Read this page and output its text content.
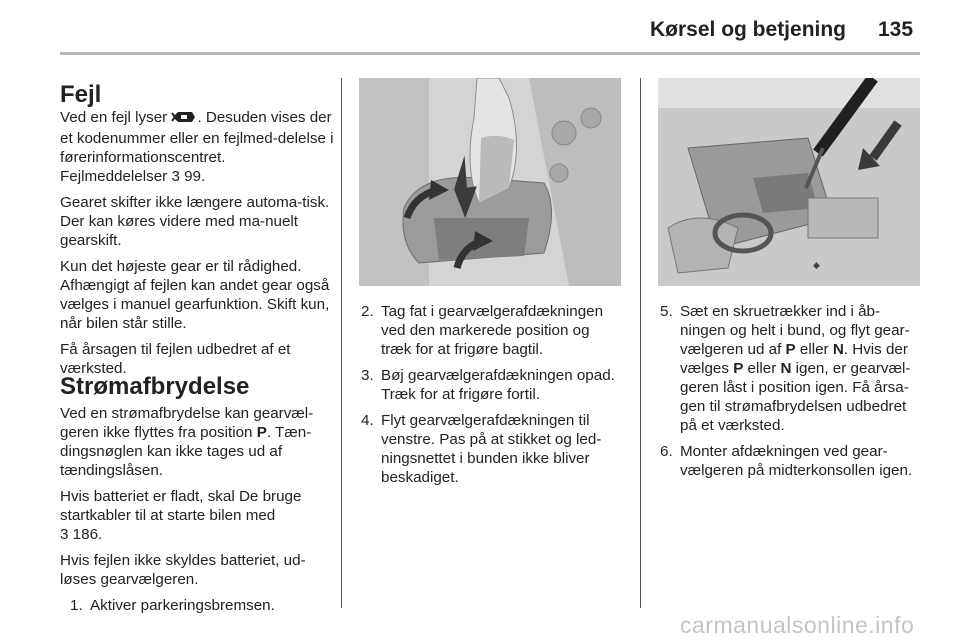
Kørsel og betjening 135
Fejl

Ved en fejl lyser . Desuden vises der et kodenummer eller en fejlmed-delelse i førerinformationscentret.
Fejlmeddelelser 3 99.

Gearet skifter ikke længere automa-tisk. Der kan køres videre med ma-nuelt gearskift.

Kun det højeste gear er til rådighed. Afhængigt af fejlen kan andet gear også vælges i manuel gearfunktion. Skift kun, når bilen står stille.

Få årsagen til fejlen udbedret af et værksted.

Strømafbrydelse

Ved en strømafbrydelse kan gearvæl-geren ikke flyttes fra position P. Tæn-dingsnøglen kan ikke tages ud af tændingslåsen.

Hvis batteriet er fladt, skal De bruge startkabler til at starte bilen med
3 186.

Hvis fejlen ikke skyldes batteriet, ud-løses gearvælgeren.

1. Aktiver parkeringsbremsen.
◆
2. Tag fat i gearvælgerafdækningen ved den markerede position og træk for at frigøre bagtil.
3. Bøj gearvælgerafdækningen opad. Træk for at frigøre fortil.
4. Flyt gearvælgerafdækningen til venstre. Pas på at stikket og led-ningsnettet i bunden ikke bliver beskadiget.
5. Sæt en skruetrækker ind i åb-ningen og helt i bund, og flyt gear-vælgeren ud af P eller N. Hvis der vælges P eller N igen, er gearvæl-geren låst i position igen. Få årsa-gen til strømafbrydelsen udbedret på et værksted.
6. Monter afdækningen ved gear-vælgeren på midterkonsollen igen.
carmanualsonline.info
